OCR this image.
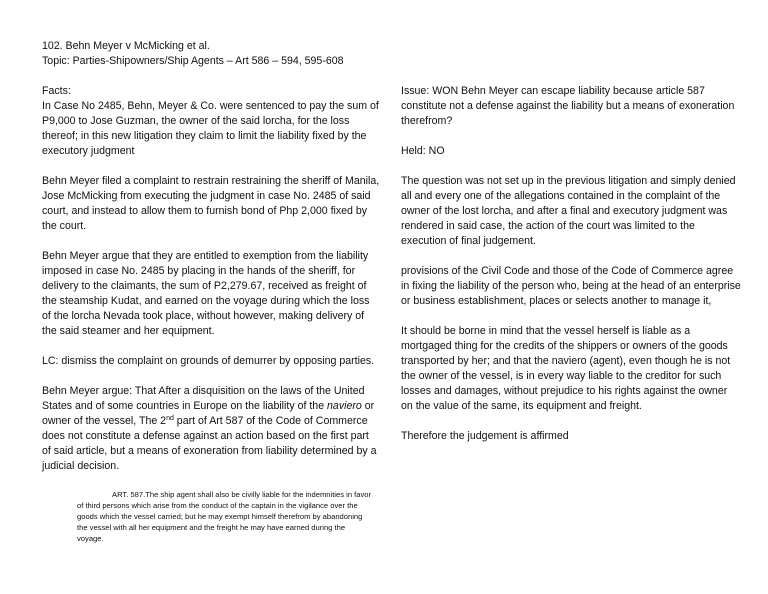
102. Behn Meyer v McMicking et al.
Topic: Parties-Shipowners/Ship Agents – Art 586 – 594, 595-608
Facts:

In Case No 2485, Behn, Meyer & Co. were sentenced to pay the sum of P9,000 to Jose Guzman, the owner of the said lorcha, for the loss thereof; in this new litigation they claim to limit the liability fixed by the executory judgment

Behn Meyer filed a complaint to restrain restraining the sheriff of Manila, Jose McMicking from executing the judgment in case No. 2485 of said court, and instead to allow them to furnish bond of Php 2,000 fixed by the court.

Behn Meyer argue that they are entitled to exemption from the liability imposed in case No. 2485 by placing in the hands of the sheriff, for delivery to the claimants, the sum of P2,279.67, received as freight of the steamship Kudat, and earned on the voyage during which the loss of the lorcha Nevada took place, without however, making delivery of the said steamer and her equipment.

LC: dismiss the complaint on grounds of demurrer by opposing parties.

Behn Meyer argue: That After a disquisition on the laws of the United States and of some countries in Europe on the liability of the naviero or owner of the vessel, The 2nd part of Art 587 of the Code of Commerce does not constitute a defense against an action based on the first part of said article, but a means of exoneration from liability determined by a judicial decision.

ART. 587.The ship agent shall also be civilly liable for the indemnities in favor of third persons which arise from the conduct of the captain in the vigilance over the goods which the vessel carried; but he may exempt himself therefrom by abandoning the vessel with all her equipment and the freight he may have earned during the voyage.

Issue: WON Behn Meyer can escape liability because article 587 constitute not a defense against the liability but a means of exoneration therefrom?

Held: NO

The question was not set up in the previous litigation and simply denied all and every one of the allegations contained in the complaint of the owner of the lost lorcha, and after a final and executory judgment was rendered in said case, the action of the court was limited to the execution of final judgement.

provisions of the Civil Code and those of the Code of Commerce agree in fixing the liability of the person who, being at the head of an enterprise or business establishment, places or selects another to manage it,

It should be borne in mind that the vessel herself is liable as a mortgaged thing for the credits of the shippers or owners of the goods transported by her; and that the naviero (agent), even though he is not the owner of the vessel, is in every way liable to the creditor for such losses and damages, without prejudice to his rights against the owner on the value of the same, its equipment and freight.

Therefore the judgement is affirmed
